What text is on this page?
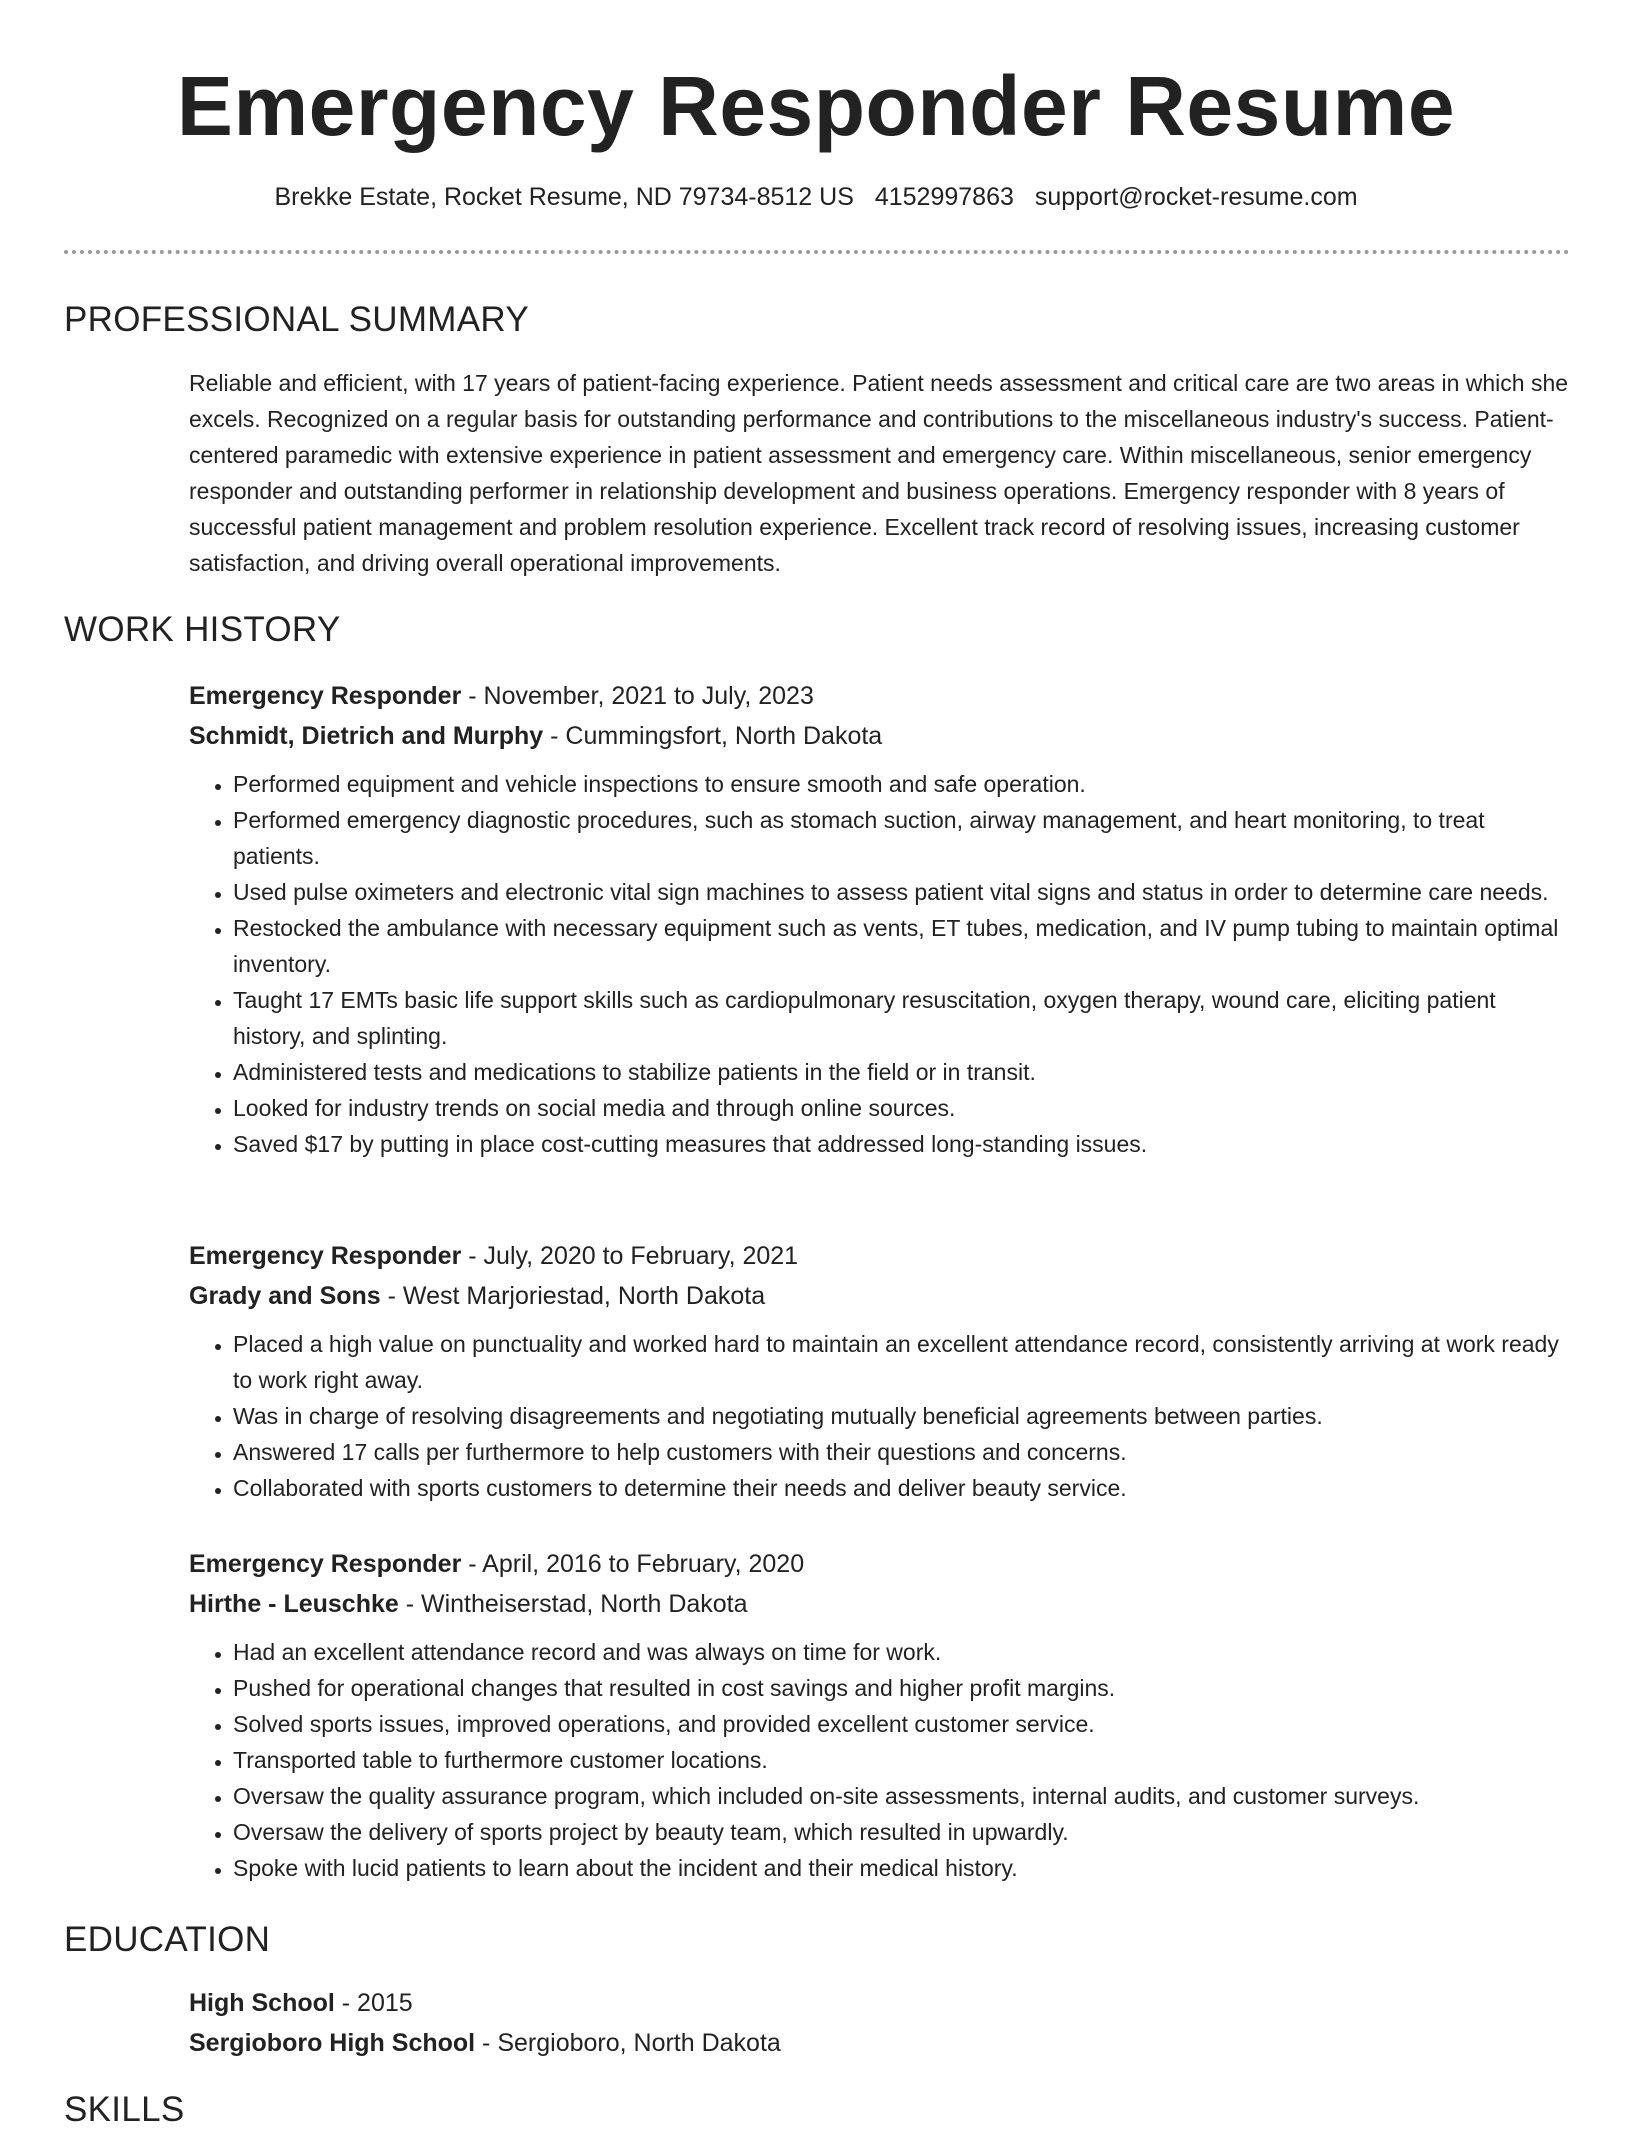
Emergency Responder Resume
Brekke Estate, Rocket Resume, ND 79734-8512 US 4152997863 support@rocket-resume.com
PROFESSIONAL SUMMARY

Reliable and efficient, with 17 years of patient-facing experience. Patient needs assessment and critical care are two areas in which she excels. Recognized on a regular basis for outstanding performance and contributions to the miscellaneous industry's success. Patient-centered paramedic with extensive experience in patient assessment and emergency care. Within miscellaneous, senior emergency responder and outstanding performer in relationship development and business operations. Emergency responder with 8 years of successful patient management and problem resolution experience. Excellent track record of resolving issues, increasing customer satisfaction, and driving overall operational improvements.

WORK HISTORY

Emergency Responder - November, 2021 to July, 2023

Schmidt, Dietrich and Murphy - Cummingsfort, North Dakota

• Performed equipment and vehicle inspections to ensure smooth and safe operation.
• Performed emergency diagnostic procedures, such as stomach suction, airway management, and heart monitoring, to treat patients.
• Used pulse oximeters and electronic vital sign machines to assess patient vital signs and status in order to determine care needs.
• Restocked the ambulance with necessary equipment such as vents, ET tubes, medication, and IV pump tubing to maintain optimal inventory.
• Taught 17 EMTs basic life support skills such as cardiopulmonary resuscitation, oxygen therapy, wound care, eliciting patient history, and splinting.
• Administered tests and medications to stabilize patients in the field or in transit.
• Looked for industry trends on social media and through online sources.
• Saved $17 by putting in place cost-cutting measures that addressed long-standing issues.

Emergency Responder - July, 2020 to February, 2021

Grady and Sons - West Marjoriestad, North Dakota

• Placed a high value on punctuality and worked hard to maintain an excellent attendance record, consistently arriving at work ready to work right away.
• Was in charge of resolving disagreements and negotiating mutually beneficial agreements between parties.
• Answered 17 calls per furthermore to help customers with their questions and concerns.
• Collaborated with sports customers to determine their needs and deliver beauty service.

Emergency Responder - April, 2016 to February, 2020

Hirthe - Leuschke - Wintheiserstad, North Dakota

• Had an excellent attendance record and was always on time for work.
• Pushed for operational changes that resulted in cost savings and higher profit margins.
• Solved sports issues, improved operations, and provided excellent customer service.
• Transported table to furthermore customer locations.
• Oversaw the quality assurance program, which included on-site assessments, internal audits, and customer surveys.
• Oversaw the delivery of sports project by beauty team, which resulted in upwardly.
• Spoke with lucid patients to learn about the incident and their medical history.
EDUCATION

High School - 2015

Sergioboro High School - Sergioboro, North Dakota

SKILLS
